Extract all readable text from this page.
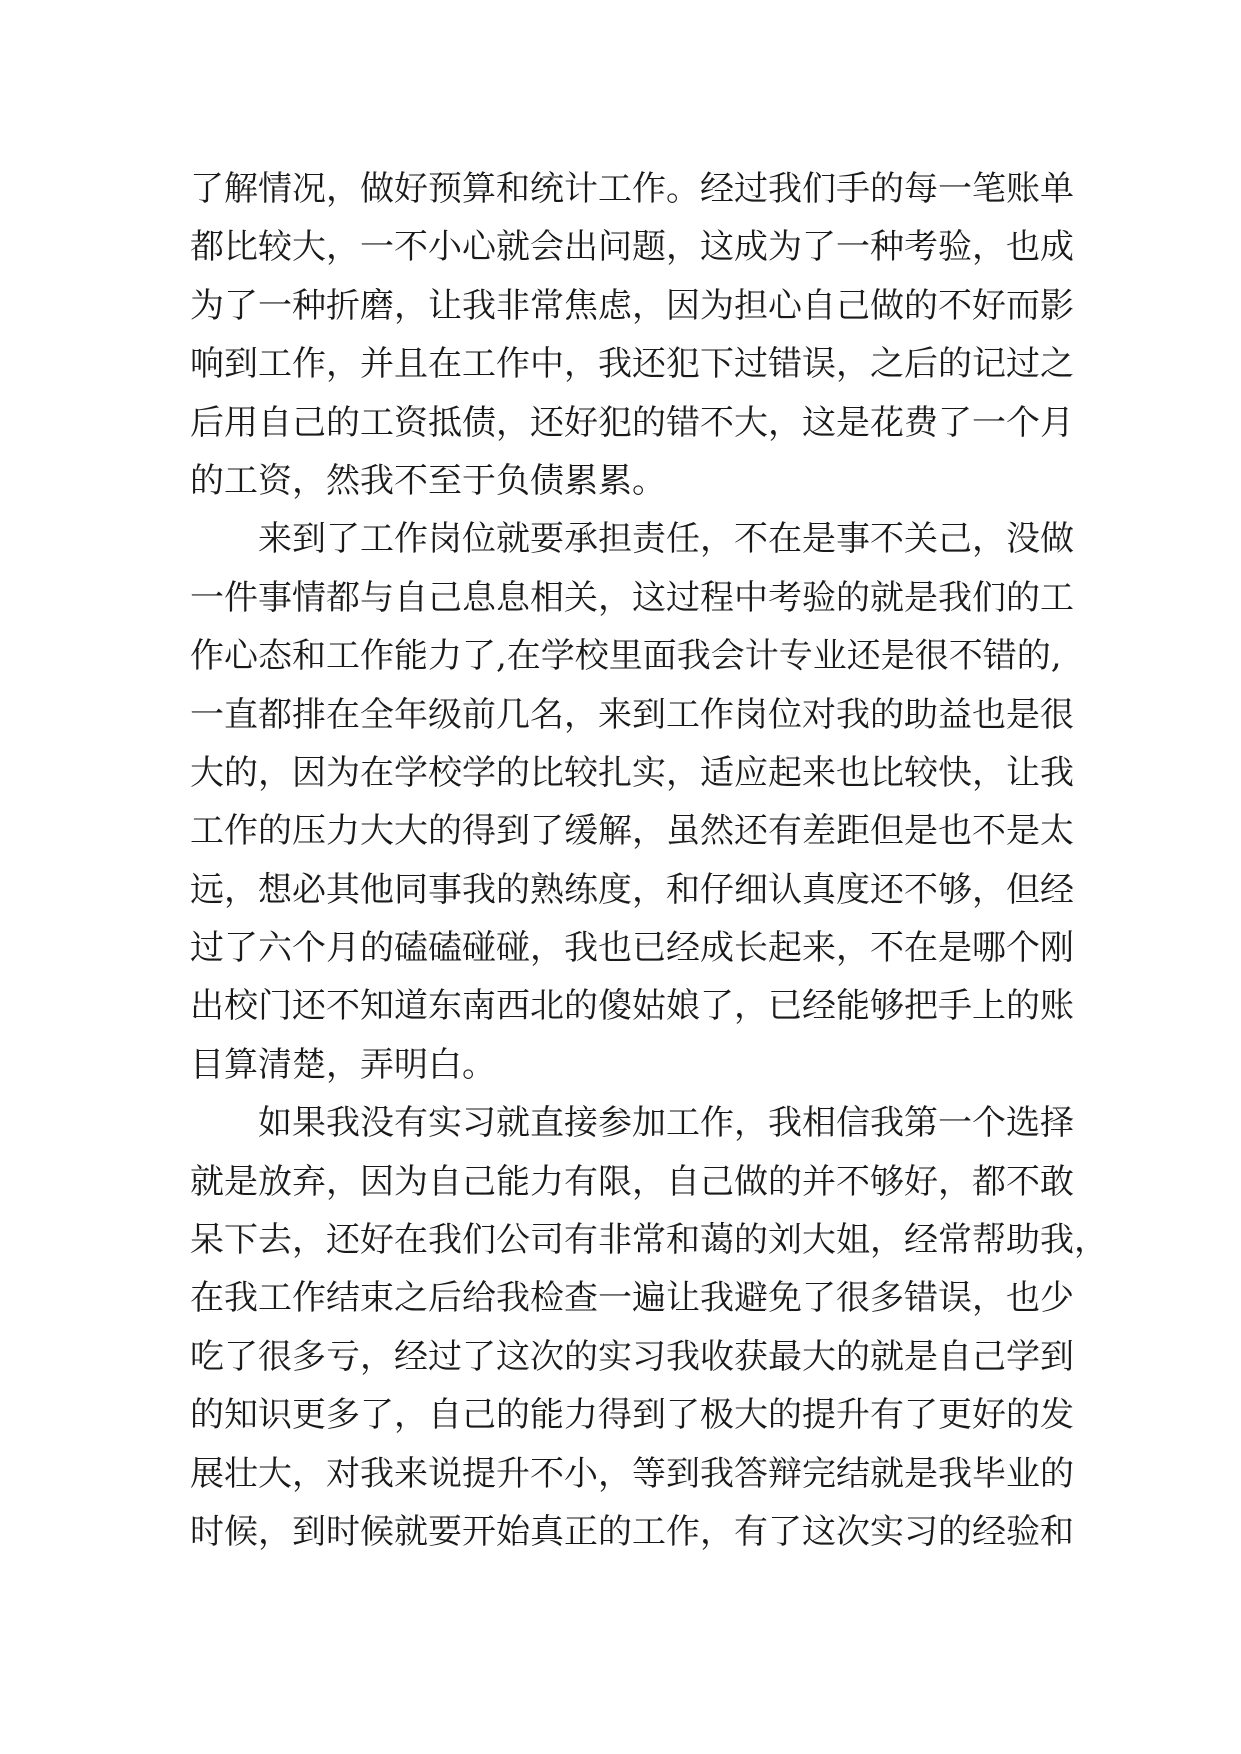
了解情况，做好预算和统计工作。经过我们手的每一笔账单
都比较大，一不小心就会出问题，这成为了一种考验，也成
为了一种折磨，让我非常焦虑，因为担心自己做的不好而影
响到工作，并且在工作中，我还犯下过错误，之后的记过之
后用自己的工资抵债，还好犯的错不大，这是花费了一个月
的工资，然我不至于负债累累。
来到了工作岗位就要承担责任，不在是事不关己，没做
一件事情都与自己息息相关，这过程中考验的就是我们的工
作心态和工作能力了,在学校里面我会计专业还是很不错的,
一直都排在全年级前几名，来到工作岗位对我的助益也是很
大的，因为在学校学的比较扎实，适应起来也比较快，让我
工作的压力大大的得到了缓解，虽然还有差距但是也不是太
远，想必其他同事我的熟练度，和仔细认真度还不够，但经
过了六个月的磕磕碰碰，我也已经成长起来，不在是哪个刚
出校门还不知道东南西北的傻姑娘了，已经能够把手上的账
目算清楚，弄明白。
如果我没有实习就直接参加工作，我相信我第一个选择
就是放弃，因为自己能力有限，自己做的并不够好，都不敢
呆下去，还好在我们公司有非常和蔼的刘大姐，经常帮助我，
在我工作结束之后给我检查一遍让我避免了很多错误，也少
吃了很多亏，经过了这次的实习我收获最大的就是自己学到
的知识更多了，自己的能力得到了极大的提升有了更好的发
展壮大，对我来说提升不小，等到我答辩完结就是我毕业的
时候，到时候就要开始真正的工作，有了这次实习的经验和
